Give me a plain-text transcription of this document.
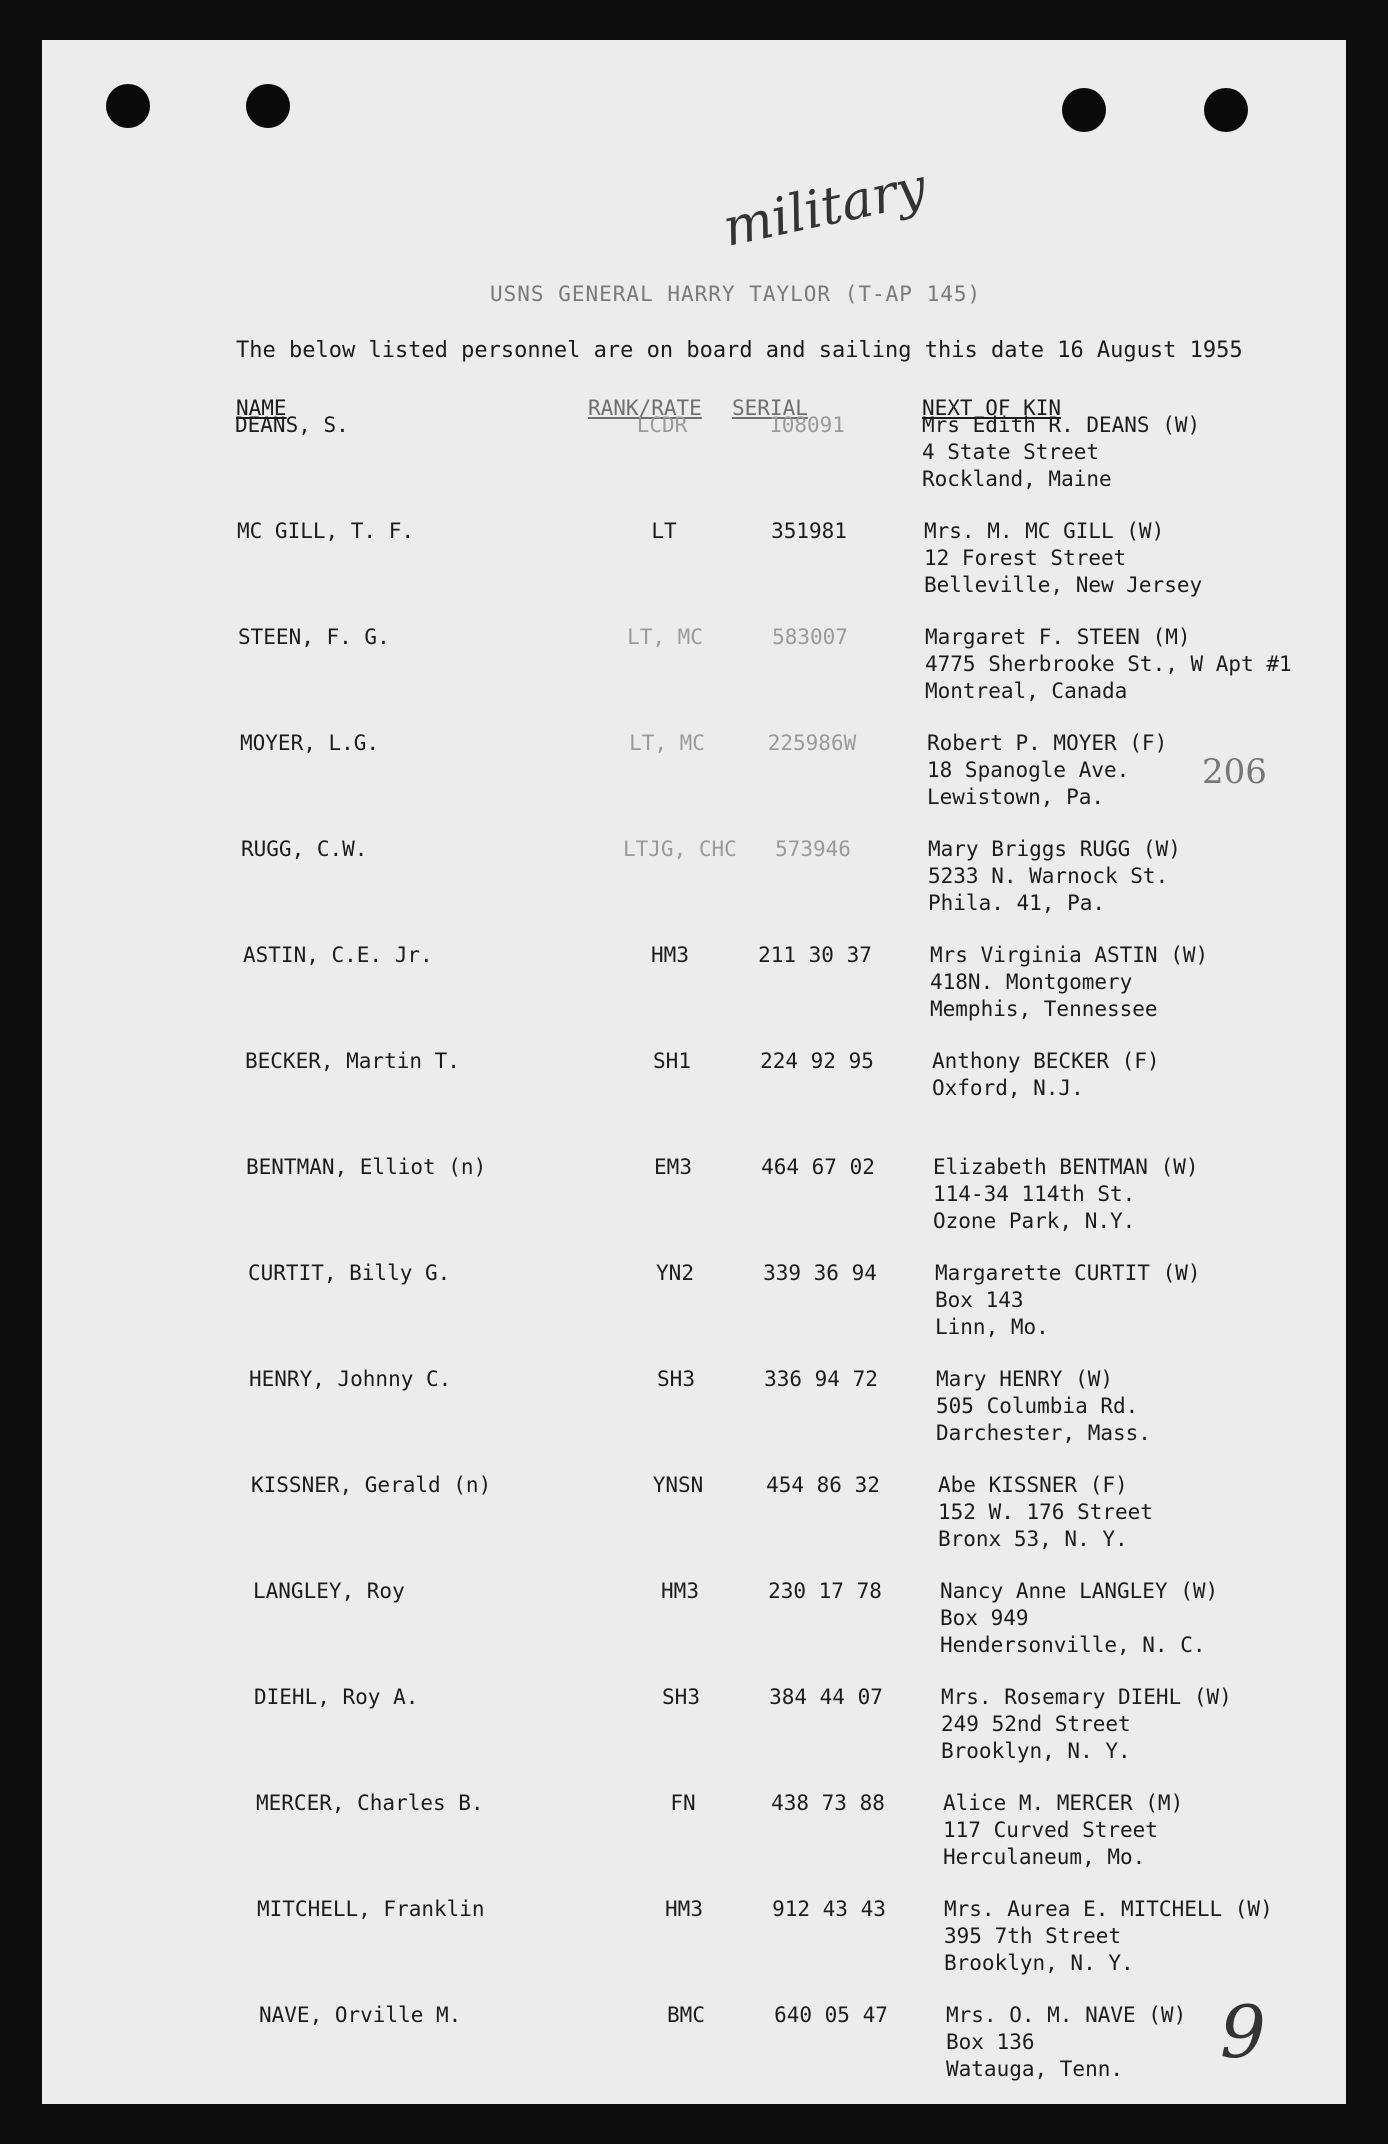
military
USNS GENERAL HARRY TAYLOR (T-AP 145)
The below listed personnel are on board and sailing this date 16 August 1955
NAME	RANK/RATE SERIAL	NEXT OF KIN
206
9
DEANS, S.	LCDR	108091	Mrs Edith R. DEANS (W)
4 State Street
Rockland, Maine
MC GILL, T. F.	LT	351981	Mrs. M. MC GILL (W)
12 Forest Street
Belleville, New Jersey
STEEN, F. G.	LT, MC	583007	Margaret F. STEEN (M)
4775 Sherbrooke St., W Apt #1
Montreal, Canada
MOYER, L.G.	LT, MC	225986W	Robert P. MOYER (F)
18 Spanogle Ave.
Lewistown, Pa.
RUGG, C.W.	LTJG, CHC	573946	Mary Briggs RUGG (W)
5233 N. Warnock St.
Phila. 41, Pa.
ASTIN, C.E. Jr.	HM3	211 30 37	Mrs Virginia ASTIN (W)
418N. Montgomery
Memphis, Tennessee
BECKER, Martin T.	SH1	224 92 95	Anthony BECKER (F)
Oxford, N.J.
BENTMAN, Elliot (n)	EM3	464 67 02	Elizabeth BENTMAN (W)
114-34 114th St.
Ozone Park, N.Y.
CURTIT, Billy G.	YN2	339 36 94	Margarette CURTIT (W)
Box 143
Linn, Mo.
HENRY, Johnny C.	SH3	336 94 72	Mary HENRY (W)
505 Columbia Rd.
Darchester, Mass.
KISSNER, Gerald (n)	YNSN	454 86 32	Abe KISSNER (F)
152 W. 176 Street
Bronx 53, N. Y.
LANGLEY, Roy	HM3	230 17 78	Nancy Anne LANGLEY (W)
Box 949
Hendersonville, N. C.
DIEHL, Roy A.	SH3	384 44 07	Mrs. Rosemary DIEHL (W)
249 52nd Street
Brooklyn, N. Y.
MERCER, Charles B.	FN	438 73 88	Alice M. MERCER (M)
117 Curved Street
Herculaneum, Mo.
MITCHELL, Franklin	HM3	912 43 43	Mrs. Aurea E. MITCHELL (W)
395 7th Street
Brooklyn, N. Y.
NAVE, Orville M.	BMC	640 05 47	Mrs. O. M. NAVE (W)
Box 136
Watauga, Tenn.
